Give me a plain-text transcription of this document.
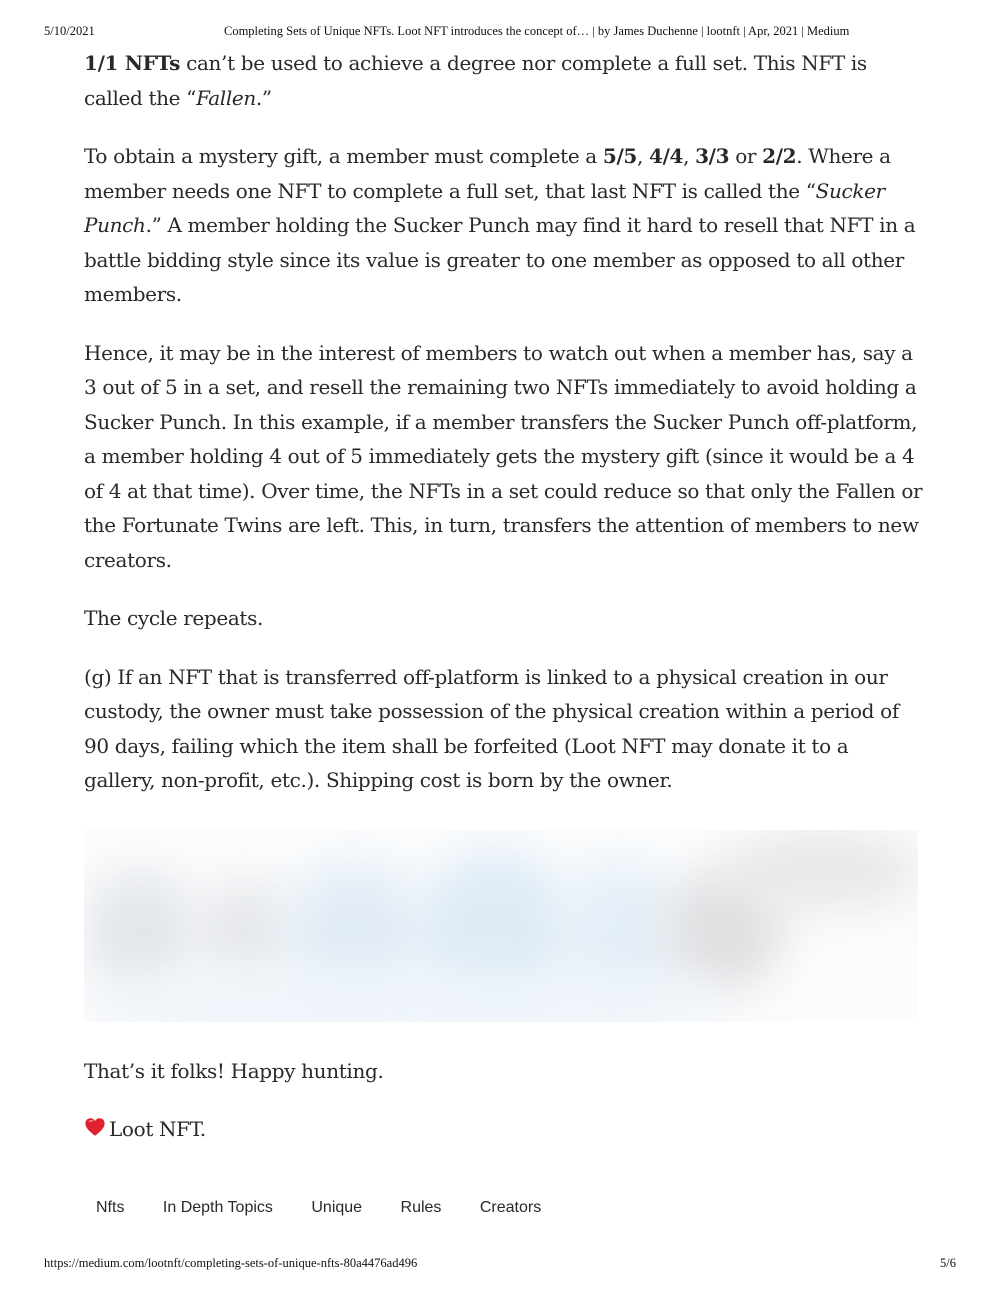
5/10/2021	Completing Sets of Unique NFTs. Loot NFT introduces the concept of… | by James Duchenne | lootnft | Apr, 2021 | Medium

1/1 NFTs can’t be used to achieve a degree nor complete a full set. This NFT is called the “Fallen.”

To obtain a mystery gift, a member must complete a 5/5, 4/4, 3/3 or 2/2. Where a member needs one NFT to complete a full set, that last NFT is called the “Sucker Punch.” A member holding the Sucker Punch may find it hard to resell that NFT in a battle bidding style since its value is greater to one member as opposed to all other members.

Hence, it may be in the interest of members to watch out when a member has, say a 3 out of 5 in a set, and resell the remaining two NFTs immediately to avoid holding a Sucker Punch. In this example, if a member transfers the Sucker Punch off-platform, a member holding 4 out of 5 immediately gets the mystery gift (since it would be a 4 of 4 at that time). Over time, the NFTs in a set could reduce so that only the Fallen or the Fortunate Twins are left. This, in turn, transfers the attention of members to new creators.

The cycle repeats.

(g) If an NFT that is transferred off-platform is linked to a physical creation in our custody, the owner must take possession of the physical creation within a period of 90 days, failing which the item shall be forfeited (Loot NFT may donate it to a gallery, non-profit, etc.). Shipping cost is born by the owner.

That’s it folks! Happy hunting.

Loot NFT.

Nfts In Depth Topics Unique Rules Creators
https://medium.com/lootnft/completing-sets-of-unique-nfts-80a4476ad496	5/6
